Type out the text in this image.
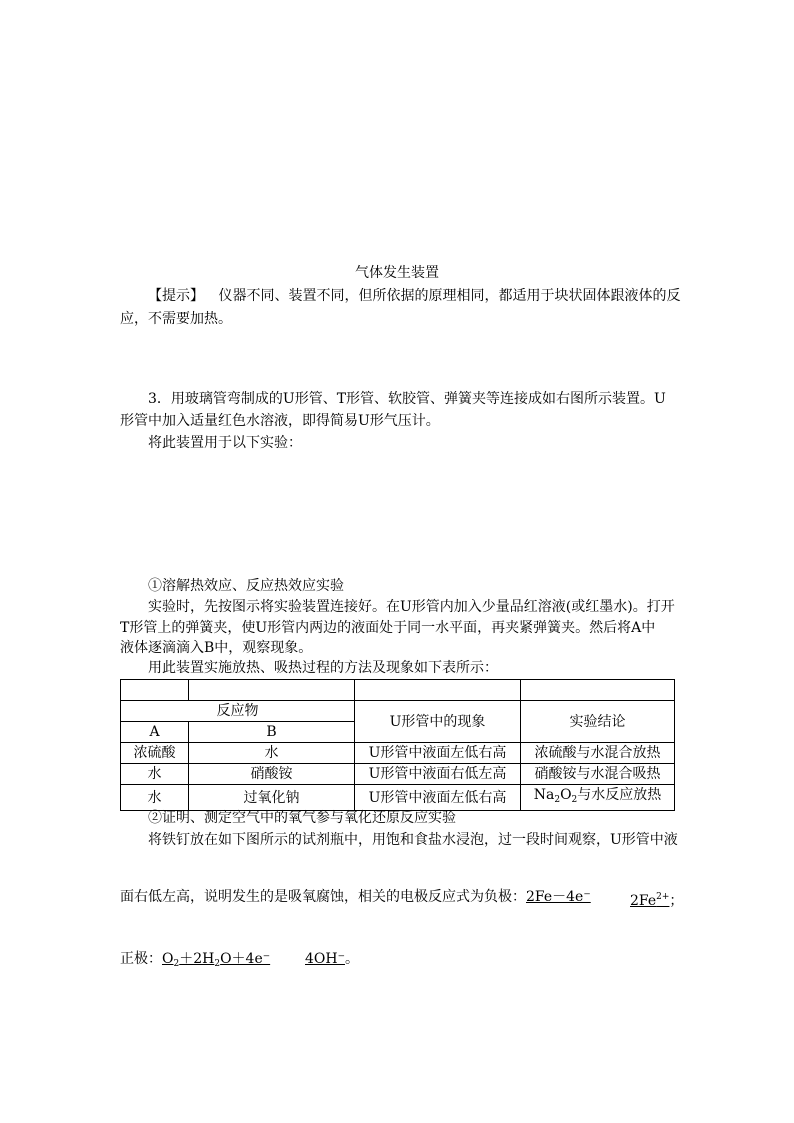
气体发生装置
【提示】 仪器不同、装置不同，但所依据的原理相同，都适用于块状固体跟液体的反
应，不需要加热。
3．用玻璃管弯制成的U形管、T形管、软胶管、弹簧夹等连接成如右图所示装置。U
形管中加入适量红色水溶液，即得简易U形气压计。
将此装置用于以下实验：
①溶解热效应、反应热效应实验
实验时，先按图示将实验装置连接好。在U形管内加入少量品红溶液(或红墨水)。打开
T形管上的弹簧夹，使U形管内两边的液面处于同一水平面，再夹紧弹簧夹。然后将A中
液体逐滴滴入B中，观察现象。
用此装置实施放热、吸热过程的方法及现象如下表所示：

反应物		U形管中的现象	实验结论
A	B		
浓硫酸	水	U形管中液面左低右高	浓硫酸与水混合放热
水	硝酸铵	U形管中液面右低左高	硝酸铵与水混合吸热
水	过氧化钠	U形管中液面左低右高	$Na_2O_2$与水反应放热
②证明、测定空气中的氧气参与氧化还原反应实验
将铁钉放在如下图所示的试剂瓶中，用饱和食盐水浸泡，过一段时间观察，U形管中液
面右低左高，说明发生的是吸氧腐蚀，相关的电极反应式为负极：2Fe－4e⁻	$2Fe^{2+}$；
正极：$O_2+2H_2O+4e^-$ 4OH⁻。
